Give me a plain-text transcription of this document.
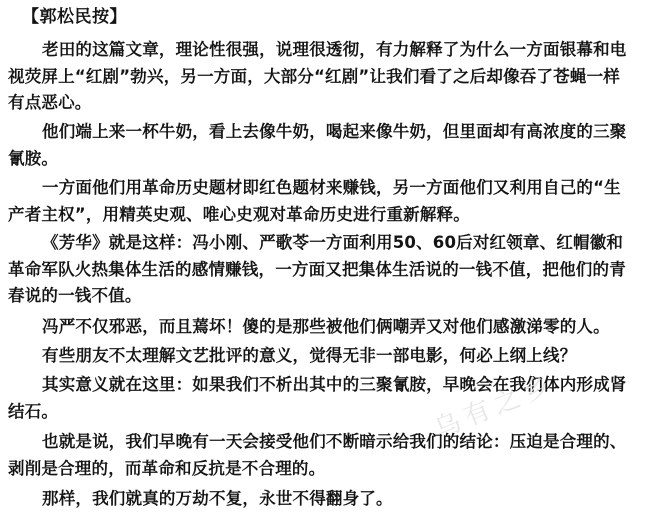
【郭松民按】

老田的这篇文章，理论性很强，说理很透彻，有力解释了为什么一方面银幕和电视荧屏上“红剧”勃兴，另一方面，大部分“红剧”让我们看了之后却像吞了苍蝇一样有点恶心。

他们端上来一杯牛奶，看上去像牛奶，喝起来像牛奶，但里面却有高浓度的三聚氰胺。

一方面他们用革命历史题材即红色题材来赚钱，另一方面他们又利用自己的“生产者主权”，用精英史观、唯心史观对革命历史进行重新解释。

《芳华》就是这样：冯小刚、严歌苓一方面利用50、60后对红领章、红帽徽和革命军队火热集体生活的感情赚钱，一方面又把集体生活说的一钱不值，把他们的青春说的一钱不值。

冯严不仅邪恶，而且蔫坏！傻的是那些被他们俩嘲弄又对他们感激涕零的人。

有些朋友不太理解文艺批评的意义，觉得无非一部电影，何必上纲上线？

其实意义就在这里：如果我们不析出其中的三聚氰胺，早晚会在我们体内形成肾结石。

也就是说，我们早晚有一天会接受他们不断暗示给我们的结论：压迫是合理的、剥削是合理的，而革命和反抗是不合理的。

那样，我们就真的万劫不复，永世不得翻身了。

乌有之乡
